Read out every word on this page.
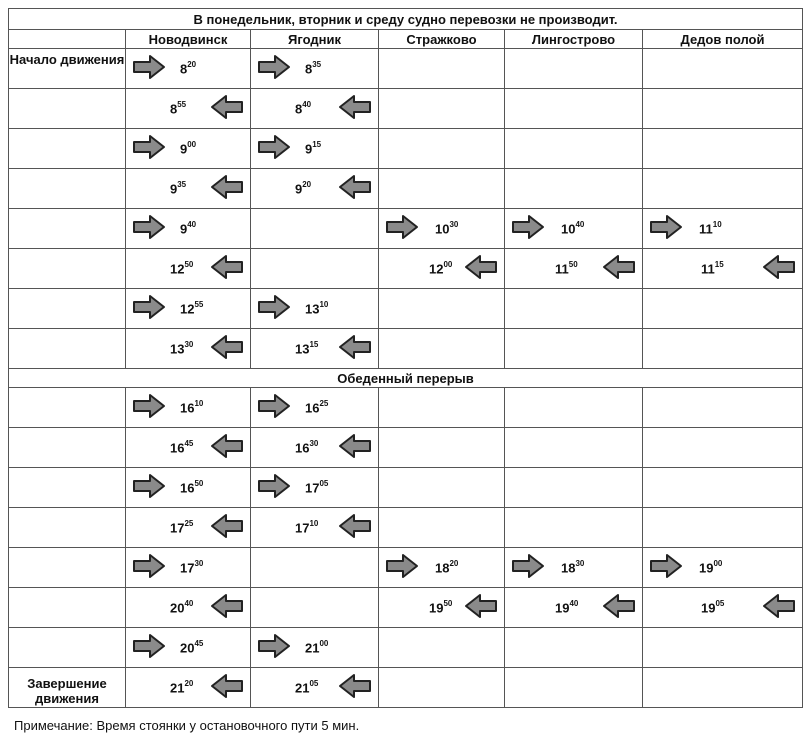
В понедельник, вторник и среду судно перевозки не производит.					
	Новодвинск	Ягодник	Стражково	Лингострово	Дедов полой

Начало движения	$8^{20}$	$8^{35}$

	$8^{55}$	$8^{40}$

	$9^{00}$	$9^{15}$

	$9^{35}$	$9^{20}$

	$9^{40}$		$10^{30}$	$10^{40}$	$11^{10}$

	$12^{50}$		$12^{00}$	$11^{50}$	$11^{15}$

	$12^{55}$	$13^{10}$

	$13^{30}$	$13^{15}$

Обеденный перерыв					

	$16^{10}$	$16^{25}$

	$16^{45}$	$16^{30}$

	$16^{50}$	$17^{05}$

	$17^{25}$	$17^{10}$

	$17^{30}$		$18^{20}$	$18^{30}$	$19^{00}$

	$20^{40}$		$19^{50}$	$19^{40}$	$19^{05}$

	$20^{45}$	$21^{00}$

Завершение движения	$21^{20}$	$21^{05}$

Примечание: Время стоянки у остановочного пути 5 мин.
